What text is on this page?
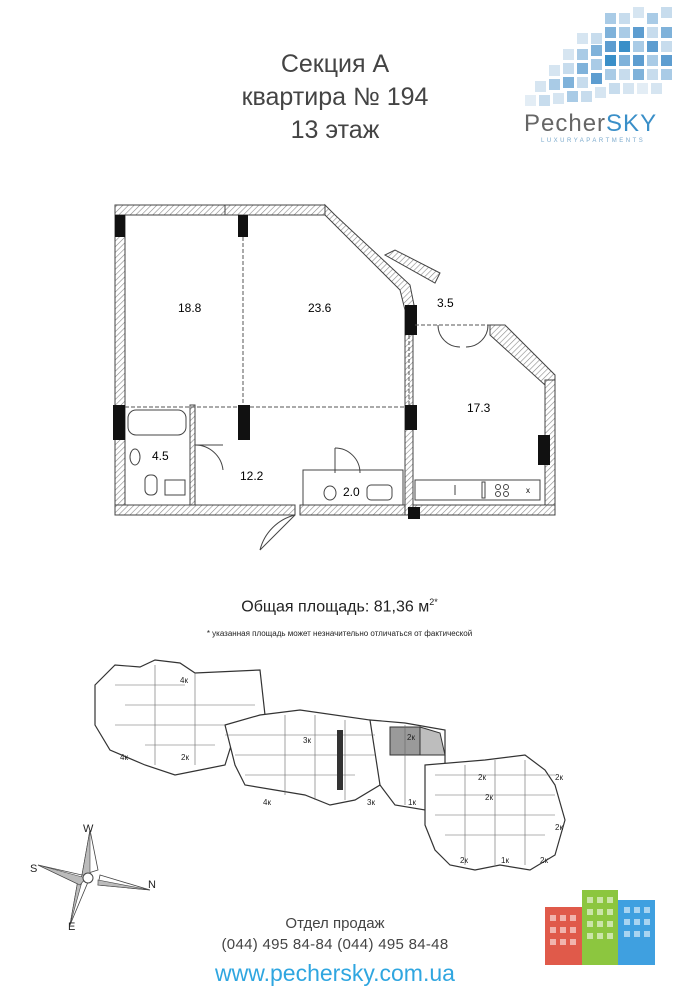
Секция А
квартира № 194
13 этаж	PecherSKY
LUXURYAPARTMENTS
18.8	23.6	3.5
17.3
4.5
12.2
2.0	x
Общая площадь: 81,36 $м^{2*}$
* указанная площадь может незначительно отличаться от фактической
4к
4к	2к
4к
3к	2к
3к	1к
2к	2к
2к	1к	2к
2к
2к
W
S
N
E	Отдел продаж
(044) 495 84-84 (044) 495 84-48
www.pechersky.com.ua
